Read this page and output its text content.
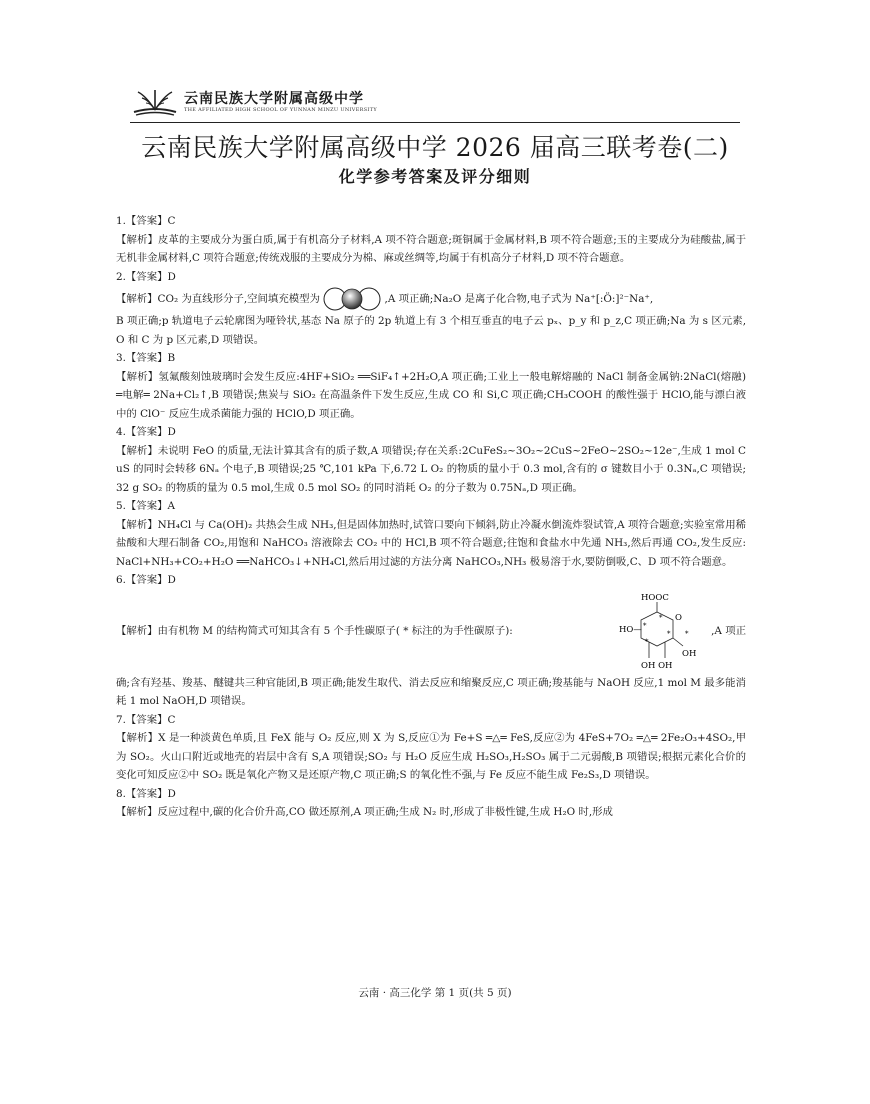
云南民族大学附属高级中学
THE AFFILIATED HIGH SCHOOL OF YUNNAN MINZU UNIVERSITY
云南民族大学附属高级中学 2026 届高三联考卷(二)
化学参考答案及评分细则
1.【答案】C
【解析】皮革的主要成分为蛋白质,属于有机高分子材料,A 项不符合题意;斑铜属于金属材料,B 项不符合题意;玉的主要成分为硅酸盐,属于无机非金属材料,C 项符合题意;传统戏服的主要成分为棉、麻或丝绸等,均属于有机高分子材料,D 项不符合题意。
2.【答案】D
【解析】CO₂ 为直线形分子,空间填充模型为	,A 项正确;Na₂O 是离子化合物,电子式为 Na⁺[:Ö:]²⁻Na⁺,
B 项正确;p 轨道电子云轮廓图为哑铃状,基态 Na 原子的 2p 轨道上有 3 个相互垂直的电子云 pₓ、p_y 和 p_z,C 项正确;Na 为 s 区元素,O 和 C 为 p 区元素,D 项错误。
3.【答案】B
【解析】氢氟酸刻蚀玻璃时会发生反应:4HF+SiO₂ ══SiF₄↑+2H₂O,A 项正确;工业上一般电解熔融的 NaCl 制备金属钠:2NaCl(熔融) ═电解═ 2Na+Cl₂↑,B 项错误;焦炭与 SiO₂ 在高温条件下发生反应,生成 CO 和 Si,C 项正确;CH₃COOH 的酸性强于 HClO,能与漂白液中的 ClO⁻ 反应生成杀菌能力强的 HClO,D 项正确。
4.【答案】D
【解析】未说明 FeO 的质量,无法计算其含有的质子数,A 项错误;存在关系:2CuFeS₂~3O₂~2CuS~2FeO~2SO₂~12e⁻,生成 1 mol CuS 的同时会转移 6Nₐ 个电子,B 项错误;25 ℃,101 kPa 下,6.72 L O₂ 的物质的量小于 0.3 mol,含有的 σ 键数目小于 0.3Nₐ,C 项错误;32 g SO₂ 的物质的量为 0.5 mol,生成 0.5 mol SO₂ 的同时消耗 O₂ 的分子数为 0.75Nₐ,D 项正确。
5.【答案】A
【解析】NH₄Cl 与 Ca(OH)₂ 共热会生成 NH₃,但是固体加热时,试管口要向下倾斜,防止冷凝水倒流炸裂试管,A 项符合题意;实验室常用稀盐酸和大理石制备 CO₂,用饱和 NaHCO₃ 溶液除去 CO₂ 中的 HCl,B 项不符合题意;往饱和食盐水中先通 NH₃,然后再通 CO₂,发生反应:NaCl+NH₃+CO₂+H₂O ══NaHCO₃↓+NH₄Cl,然后用过滤的方法分离 NaHCO₃,NH₃ 极易溶于水,要防倒吸,C、D 项不符合题意。
6.【答案】D
【解析】由有机物 M 的结构简式可知其含有 5 个手性碳原子( * 标注的为手性碳原子):
HOOC
O
HO—
OH
OH OH
*
*
*
*
* ,A 项正
确;含有羟基、羧基、醚键共三种官能团,B 项正确;能发生取代、消去反应和缩聚反应,C 项正确;羧基能与 NaOH 反应,1 mol M 最多能消耗 1 mol NaOH,D 项错误。
7.【答案】C
【解析】X 是一种淡黄色单质,且 FeX 能与 O₂ 反应,则 X 为 S,反应①为 Fe+S ═△═ FeS,反应②为 4FeS+7O₂ ═△═ 2Fe₂O₃+4SO₂,甲为 SO₂。火山口附近或地壳的岩层中含有 S,A 项错误;SO₂ 与 H₂O 反应生成 H₂SO₃,H₂SO₃ 属于二元弱酸,B 项错误;根据元素化合价的变化可知反应②中 SO₂ 既是氧化产物又是还原产物,C 项正确;S 的氧化性不强,与 Fe 反应不能生成 Fe₂S₃,D 项错误。
8.【答案】D
【解析】反应过程中,碳的化合价升高,CO 做还原剂,A 项正确;生成 N₂ 时,形成了非极性键,生成 H₂O 时,形成
云南 · 高三化学 第 1 页(共 5 页)
